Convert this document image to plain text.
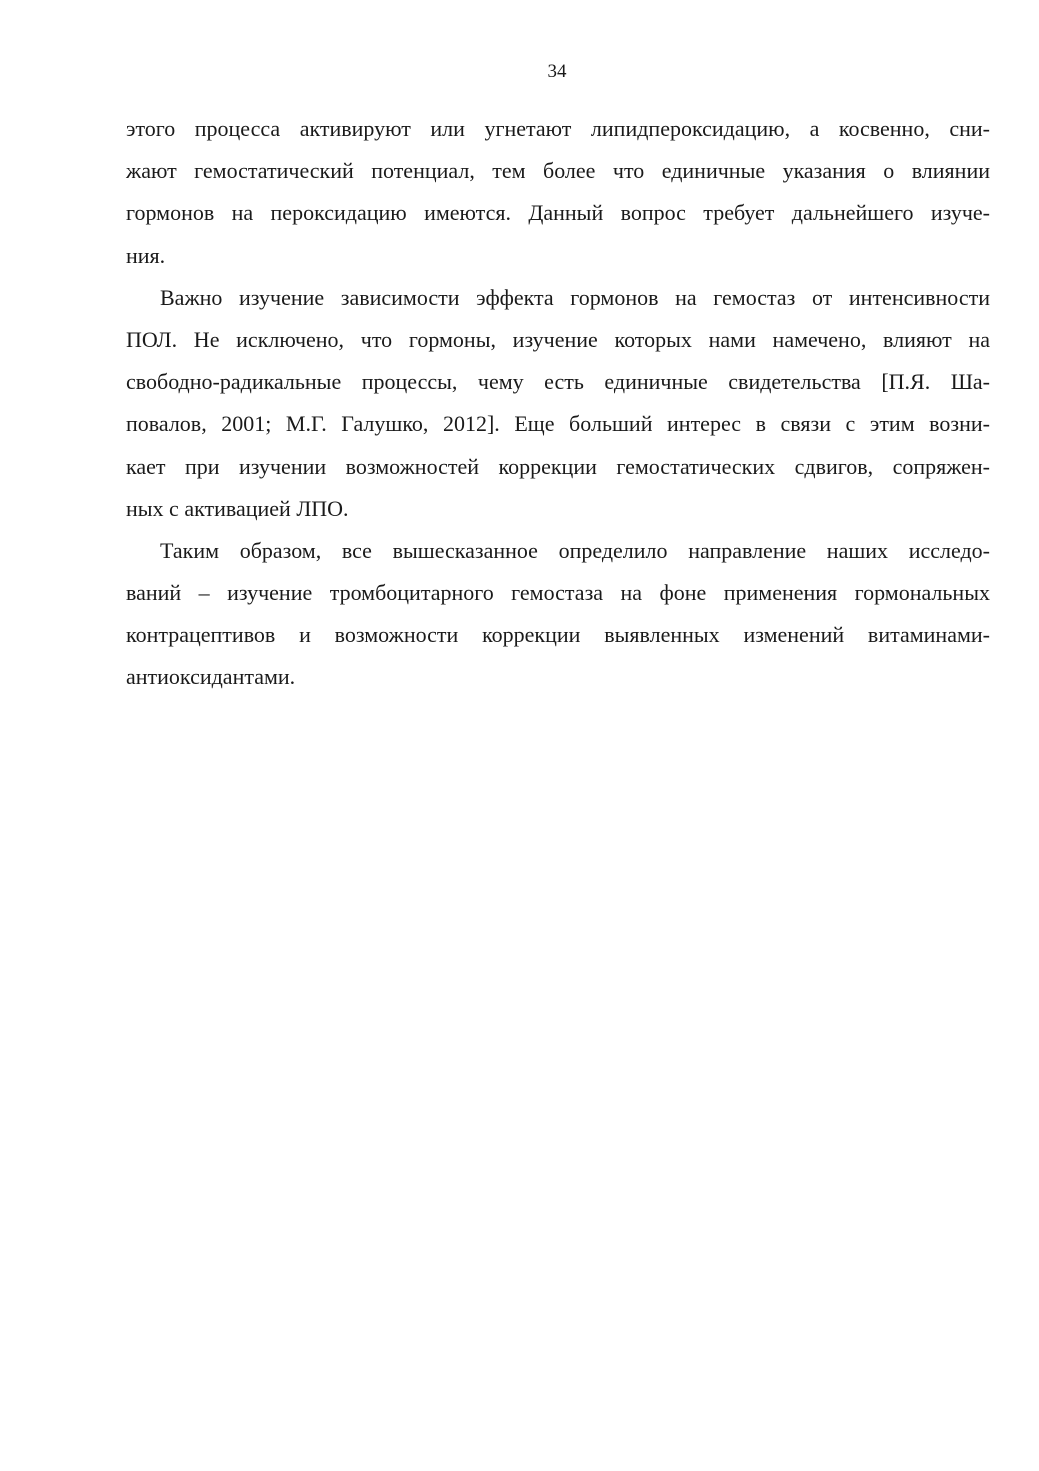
34

этого процесса активируют или угнетают липидпероксидацию, а косвенно, сни-
жают гемостатический потенциал, тем более что единичные указания о влиянии
гормонов на пероксидацию имеются. Данный вопрос требует дальнейшего изуче-
ния.

Важно изучение зависимости эффекта гормонов на гемостаз от интенсивности
ПОЛ. Не исключено, что гормоны, изучение которых нами намечено, влияют на
свободно-радикальные процессы, чему есть единичные свидетельства [П.Я. Ша-
повалов, 2001; М.Г. Галушко, 2012]. Еще больший интерес в связи с этим возни-
кает при изучении возможностей коррекции гемостатических сдвигов, сопряжен-
ных с активацией ЛПО.

Таким образом, все вышесказанное определило направление наших исследо-
ваний – изучение тромбоцитарного гемостаза на фоне применения гормональных
контрацептивов и возможности коррекции выявленных изменений витаминами-
антиоксидантами.
